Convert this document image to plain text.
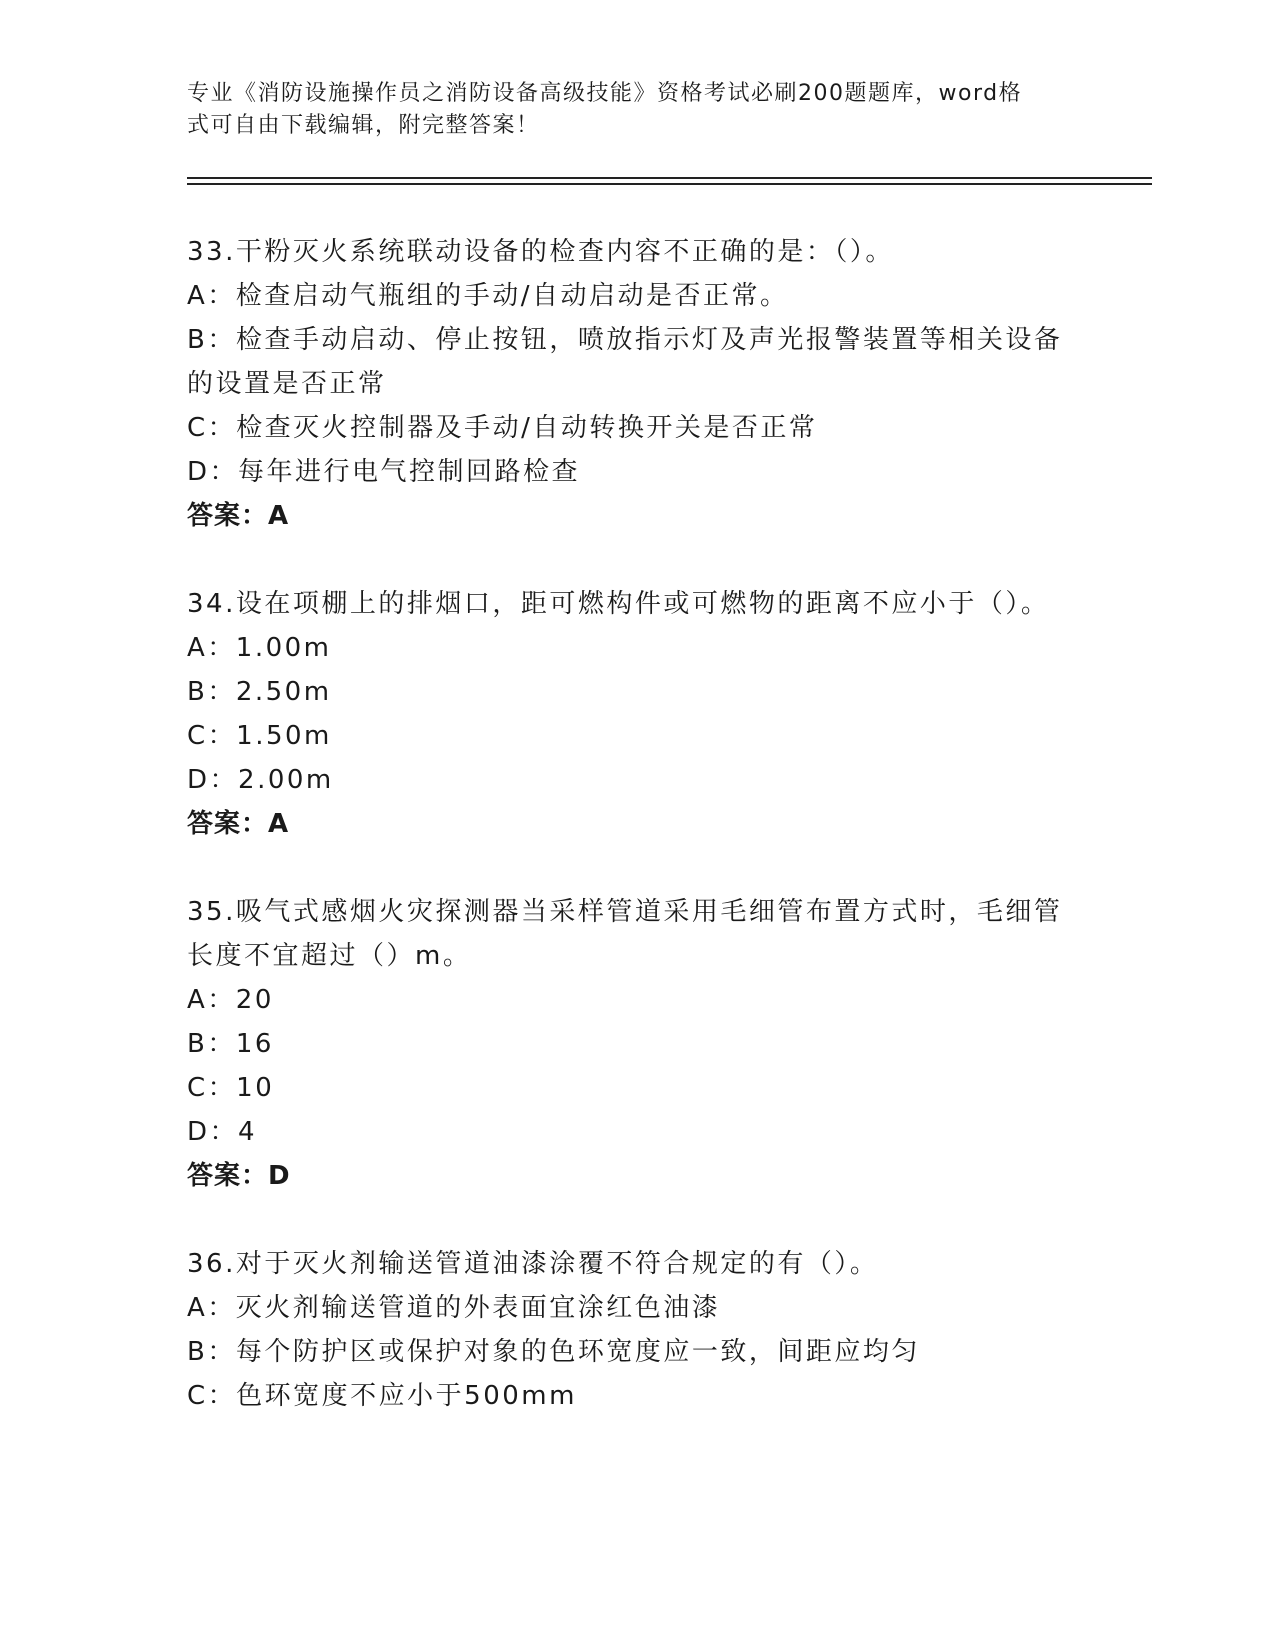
专业《消防设施操作员之消防设备高级技能》资格考试必刷200题题库，word格
式可自由下载编辑，附完整答案！
33.干粉灭火系统联动设备的检查内容不正确的是：（）。
A：检查启动气瓶组的手动/自动启动是否正常。
B：检查手动启动、停止按钮，喷放指示灯及声光报警装置等相关设备
的设置是否正常
C：检查灭火控制器及手动/自动转换开关是否正常
D：每年进行电气控制回路检查
答案：A
34.设在项棚上的排烟口，距可燃构件或可燃物的距离不应小于（）。
A：1.00m
B：2.50m
C：1.50m
D：2.00m
答案：A
35.吸气式感烟火灾探测器当采样管道采用毛细管布置方式时，毛细管
长度不宜超过（）m。
A：20
B：16
C：10
D：4
答案：D
36.对于灭火剂输送管道油漆涂覆不符合规定的有（）。
A：灭火剂输送管道的外表面宜涂红色油漆
B：每个防护区或保护对象的色环宽度应一致，间距应均匀
C：色环宽度不应小于500mm
